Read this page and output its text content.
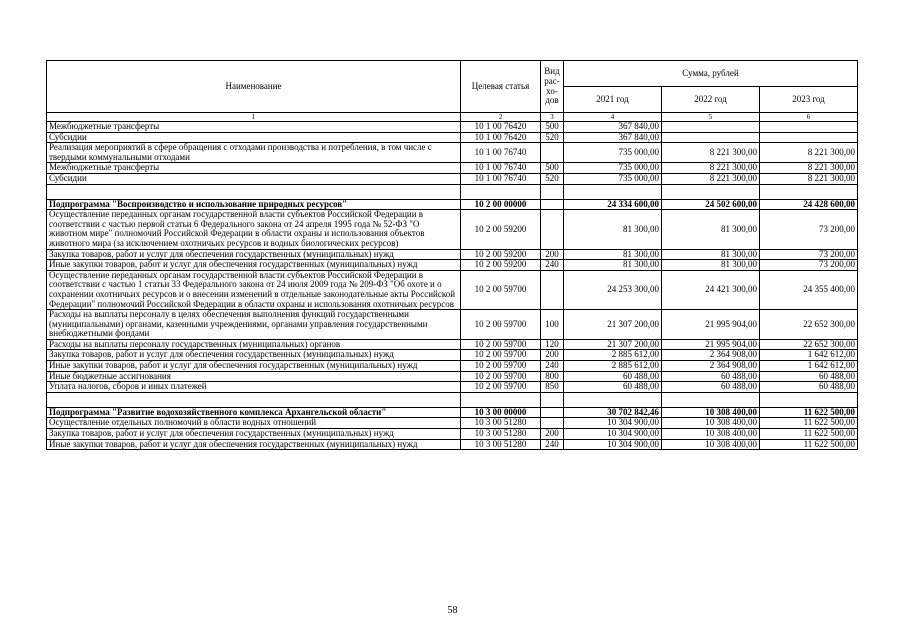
Наименование	Целевая статья	Вид рас-хо-дов	Сумма, рублей		
			2021 год	2022 год	2023 год
1	2	3	4	5	6
Межбюджетные трансферты	10 1 00 76420	500	367 840,00		
Субсидии	10 1 00 76420	520	367 840,00		
Реализация мероприятий в сфере обращения с отходами производства и потребления, в том числе с твердыми коммунальными отходами	10 1 00 76740		735 000,00	8 221 300,00	8 221 300,00
Межбюджетные трансферты	10 1 00 76740	500	735 000,00	8 221 300,00	8 221 300,00
Субсидии	10 1 00 76740	520	735 000,00	8 221 300,00	8 221 300,00

Подпрограмма "Воспроизводство и использование природных ресурсов"	10 2 00 00000		24 334 600,00	24 502 600,00	24 428 600,00
Осуществление переданных органам государственной власти субъектов Российской Федерации в соответствии с частью первой статьи 6 Федерального закона от 24 апреля 1995 года № 52-ФЗ "О животном мире" полномочий Российской Федерации в области охраны и использования объектов животного мира (за исключением охотничьих ресурсов и водных биологических ресурсов)	10 2 00 59200		81 300,00	81 300,00	73 200,00
Закупка товаров, работ и услуг для обеспечения государственных (муниципальных) нужд	10 2 00 59200	200	81 300,00	81 300,00	73 200,00
Иные закупки товаров, работ и услуг для обеспечения государственных (муниципальных) нужд	10 2 00 59200	240	81 300,00	81 300,00	73 200,00
Осуществление переданных органам государственной власти субъектов Российской Федерации в соответствии с частью 1 статьи 33 Федерального закона от 24 июля 2009 года № 209-ФЗ "Об охоте и о сохранении охотничьих ресурсов и о внесении изменений в отдельные законодательные акты Российской Федерации" полномочий Российской Федерации в области охраны и использования охотничьих ресурсов	10 2 00 59700		24 253 300,00	24 421 300,00	24 355 400,00
Расходы на выплаты персоналу в целях обеспечения выполнения функций государственными (муниципальными) органами, казенными учреждениями, органами управления государственными внебюджетными фондами	10 2 00 59700	100	21 307 200,00	21 995 904,00	22 652 300,00
Расходы на выплаты персоналу государственных (муниципальных) органов	10 2 00 59700	120	21 307 200,00	21 995 904,00	22 652 300,00
Закупка товаров, работ и услуг для обеспечения государственных (муниципальных) нужд	10 2 00 59700	200	2 885 612,00	2 364 908,00	1 642 612,00
Иные закупки товаров, работ и услуг для обеспечения государственных (муниципальных) нужд	10 2 00 59700	240	2 885 612,00	2 364 908,00	1 642 612,00
Иные бюджетные ассигнования	10 2 00 59700	800	60 488,00	60 488,00	60 488,00
Уплата налогов, сборов и иных платежей	10 2 00 59700	850	60 488,00	60 488,00	60 488,00

Подпрограмма "Развитие водохозяйственного комплекса Архангельской области"	10 3 00 00000		30 702 842,46	10 308 400,00	11 622 500,00
Осуществление отдельных полномочий в области водных отношений	10 3 00 51280		10 304 900,00	10 308 400,00	11 622 500,00
Закупка товаров, работ и услуг для обеспечения государственных (муниципальных) нужд	10 3 00 51280	200	10 304 900,00	10 308 400,00	11 622 500,00
Иные закупки товаров, работ и услуг для обеспечения государственных (муниципальных) нужд	10 3 00 51280	240	10 304 900,00	10 308 400,00	11 622 500,00
58
